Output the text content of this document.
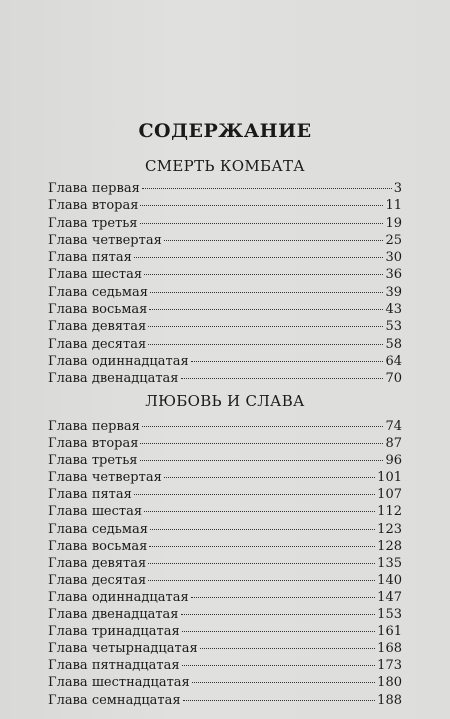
СОДЕРЖАНИЕ
СМЕРТЬ КОМБАТА
Глава первая	3
Глава вторая	11
Глава третья	19
Глава четвертая	25
Глава пятая	30
Глава шестая	36
Глава седьмая	39
Глава восьмая	43
Глава девятая	53
Глава десятая	58
Глава одиннадцатая	64
Глава двенадцатая	70
ЛЮБОВЬ И СЛАВА
Глава первая	74
Глава вторая	87
Глава третья	96
Глава четвертая	101
Глава пятая	107
Глава шестая	112
Глава седьмая	123
Глава восьмая	128
Глава девятая	135
Глава десятая	140
Глава одиннадцатая	147
Глава двенадцатая	153
Глава тринадцатая	161
Глава четырнадцатая	168
Глава пятнадцатая	173
Глава шестнадцатая	180
Глава семнадцатая	188
